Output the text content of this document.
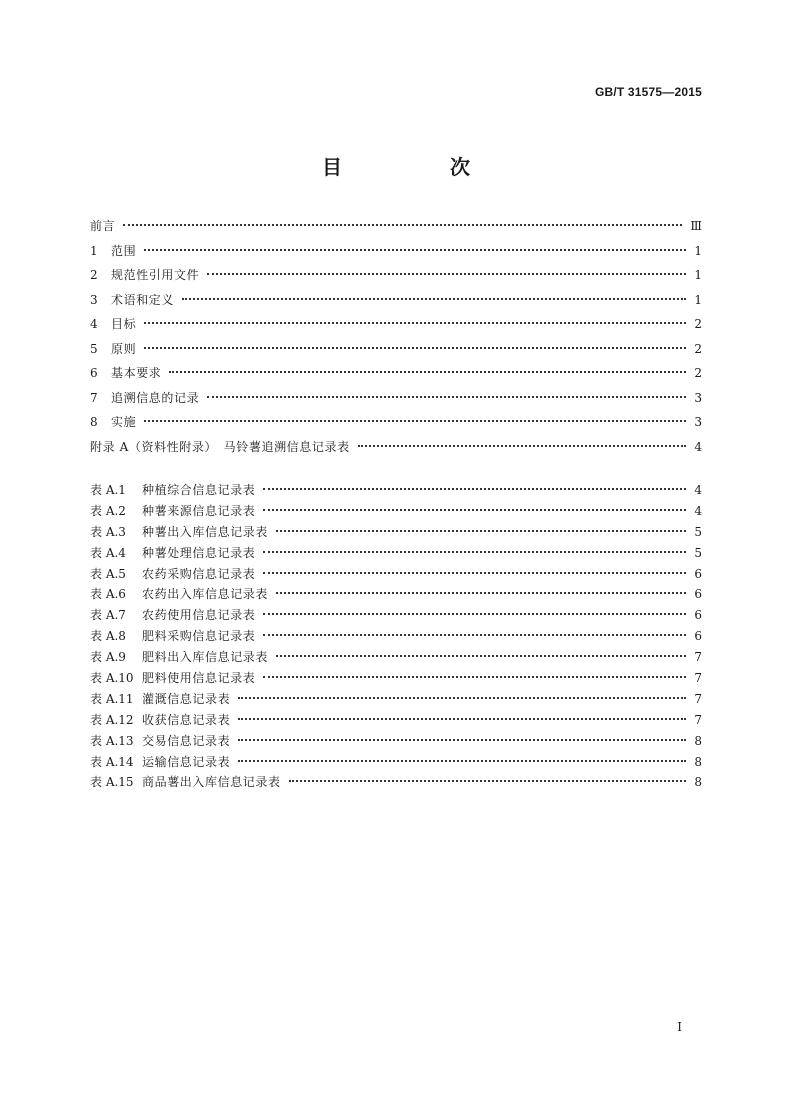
GB/T 31575—2015
目　次
前言	Ⅲ
1	范围	1
2	规范性引用文件	1
3	术语和定义	1
4	目标	2
5	原则	2
6	基本要求	2
7	追溯信息的记录	3
8	实施	3
附录 A（资料性附录）　马铃薯追溯信息记录表	4
表 A.1	种植综合信息记录表	4
表 A.2	种薯来源信息记录表	4
表 A.3	种薯出入库信息记录表	5
表 A.4	种薯处理信息记录表	5
表 A.5	农药采购信息记录表	6
表 A.6	农药出入库信息记录表	6
表 A.7	农药使用信息记录表	6
表 A.8	肥料采购信息记录表	6
表 A.9	肥料出入库信息记录表	7
表 A.10 肥料使用信息记录表	7
表 A.11 灌溉信息记录表	7
表 A.12 收获信息记录表	7
表 A.13 交易信息记录表	8
表 A.14 运输信息记录表	8
表 A.15 商品薯出入库信息记录表	8
I
